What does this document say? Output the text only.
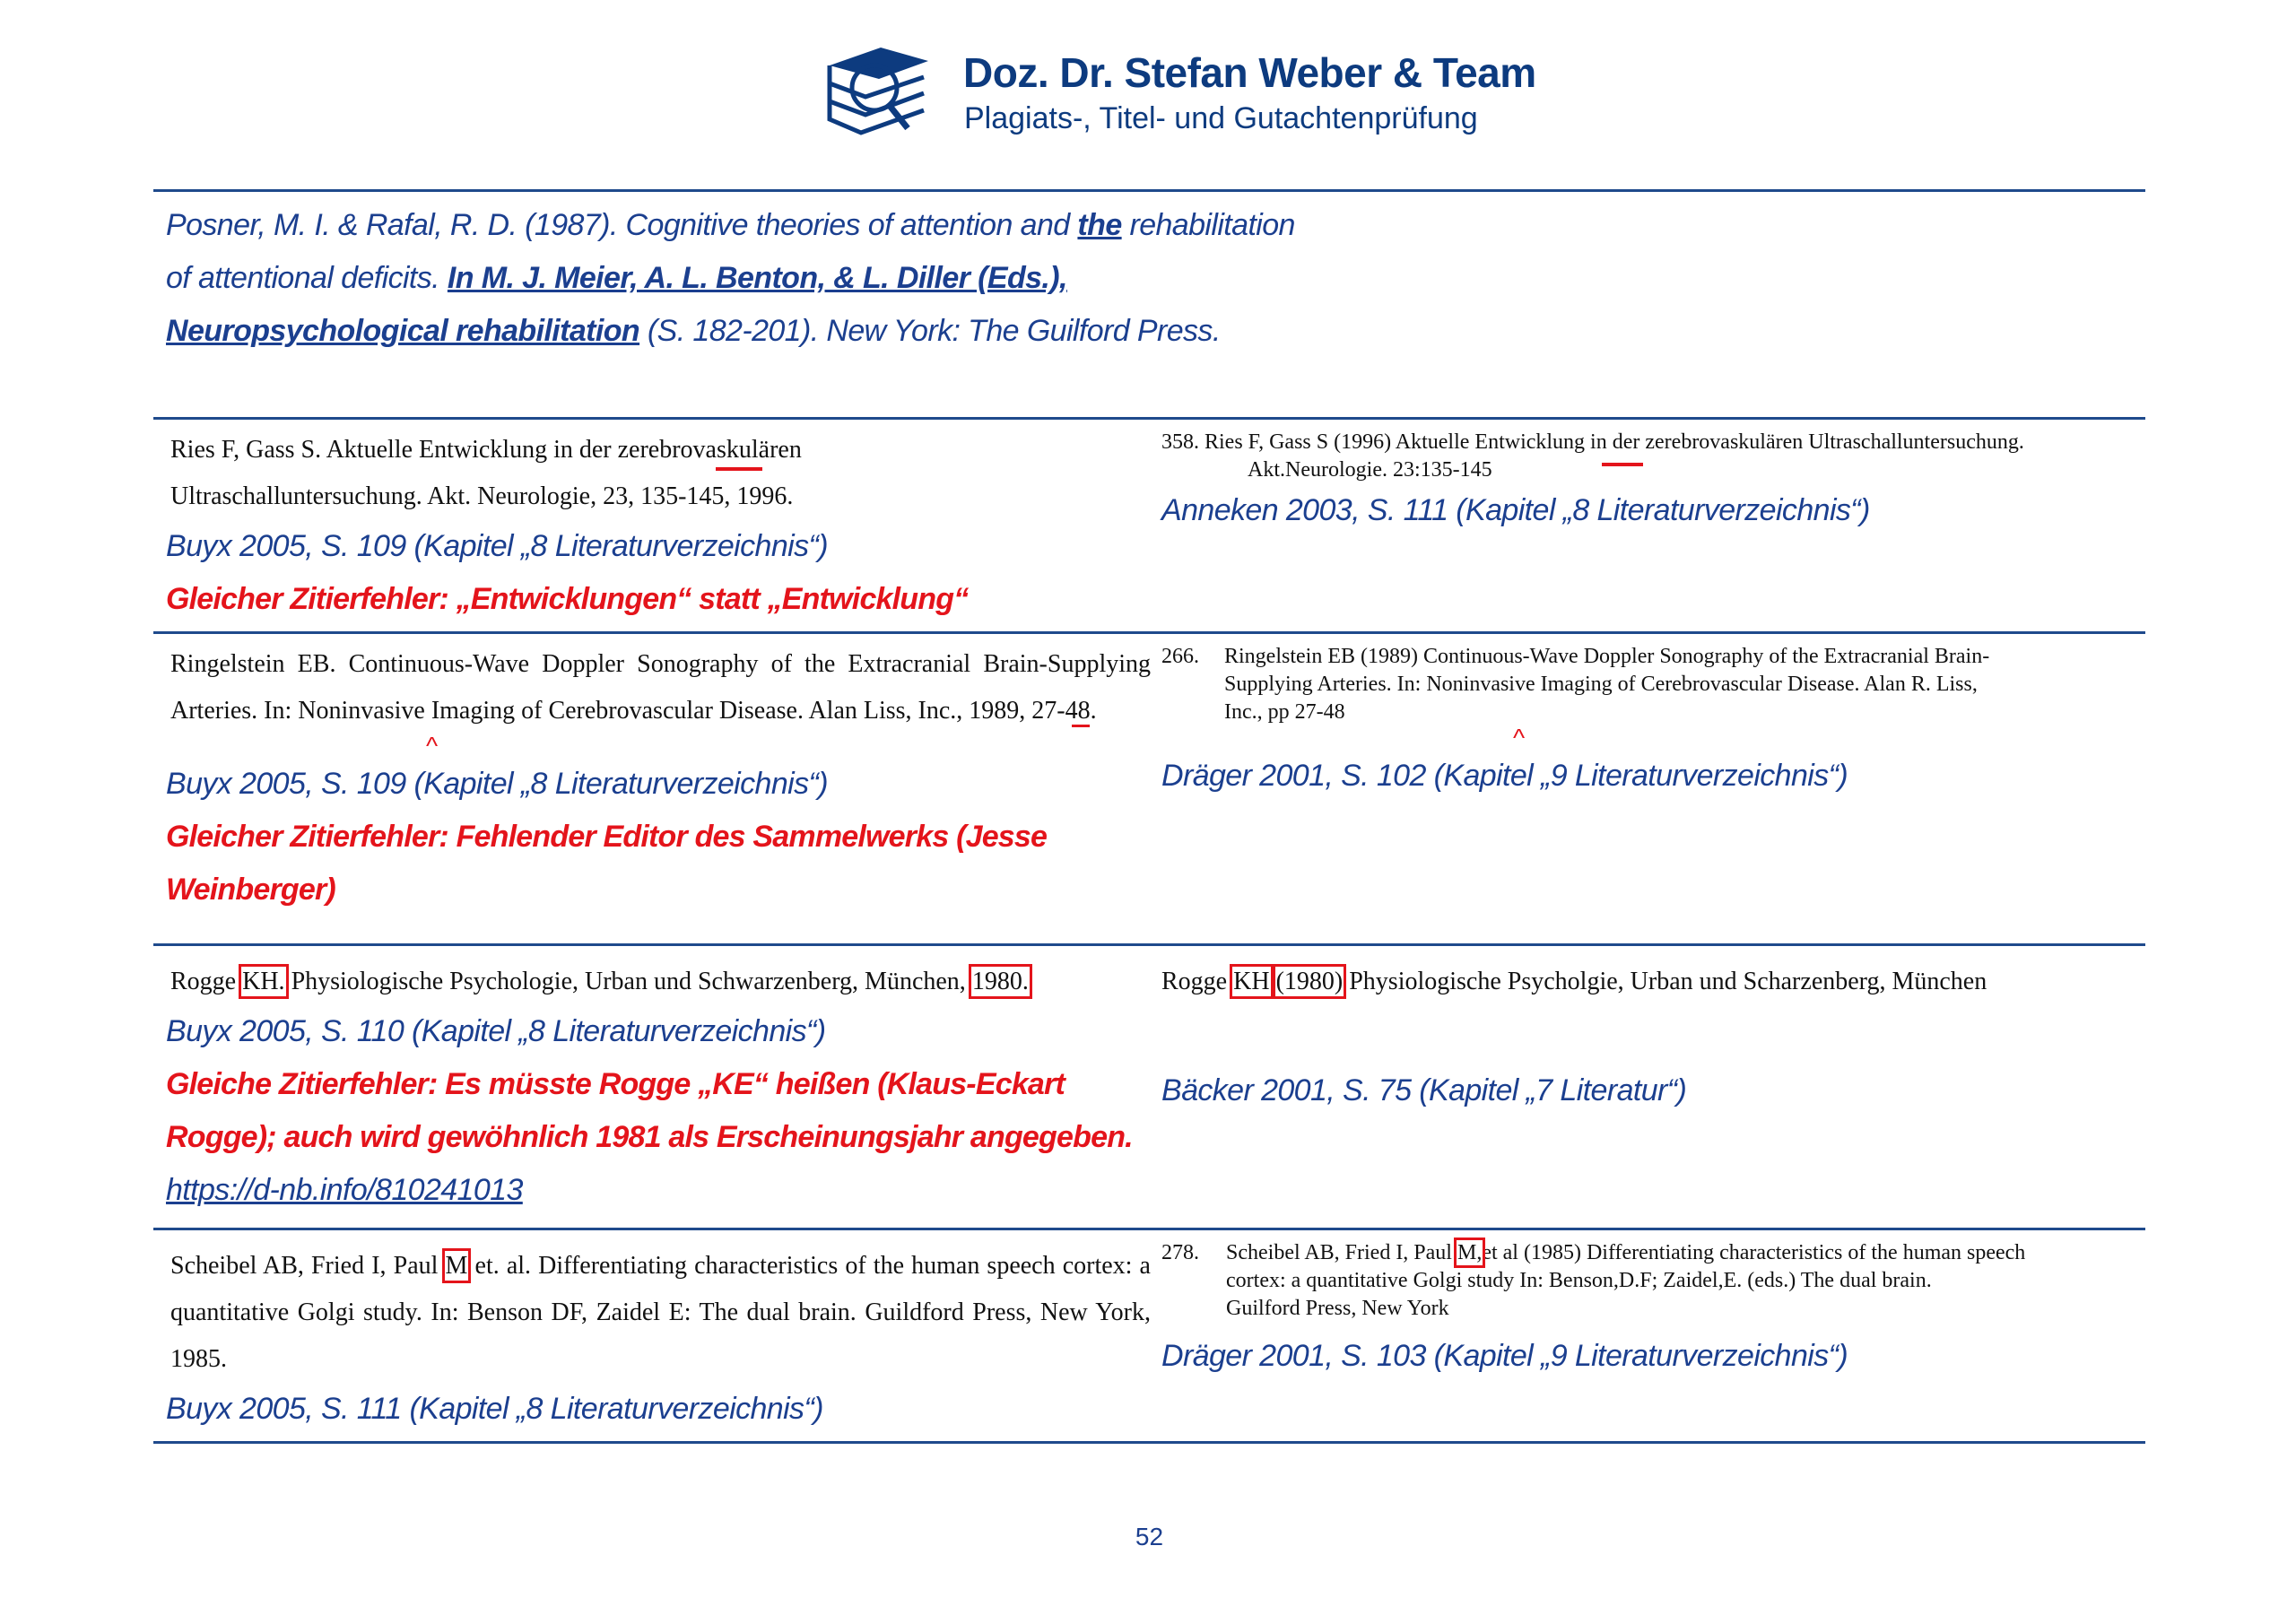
Doz. Dr. Stefan Weber & Team
Plagiats-, Titel- und Gutachtenprüfung
Posner, M. I. & Rafal, R. D. (1987). Cognitive theories of attention and the rehabilitation of attentional deficits. In M. J. Meier, A. L. Benton, & L. Diller (Eds.), Neuropsychological rehabilitation (S. 182-201). New York: The Guilford Press.
Ries F, Gass S. Aktuelle Entwicklung in der zerebrovaskulären
Ultraschalluntersuchung. Akt. Neurologie, 23, 135-145, 1996.
Buyx 2005, S. 109 (Kapitel „8 Literaturverzeichnis“)
Gleicher Zitierfehler: „Entwicklungen“ statt „Entwicklung“
358. Ries F, Gass S (1996) Aktuelle Entwicklung in der zerebrovaskulären Ultraschalluntersuchung.
Akt.Neurologie. 23:135-145
Anneken 2003, S. 111 (Kapitel „8 Literaturverzeichnis“)
Ringelstein EB. Continuous-Wave Doppler Sonography of the Extracranial Brain-Supplying Arteries. In: Noninvasive Imaging of Cerebrovascular Disease. Alan Liss, Inc., 1989, 27-48.
^
Buyx 2005, S. 109 (Kapitel „8 Literaturverzeichnis“)
Gleicher Zitierfehler: Fehlender Editor des Sammelwerks (Jesse Weinberger)
266. Ringelstein EB (1989) Continuous-Wave Doppler Sonography of the Extracranial Brain-
Supplying Arteries. In: Noninvasive Imaging of Cerebrovascular Disease. Alan R. Liss,
Inc., pp 27-48
^
Dräger 2001, S. 102 (Kapitel „9 Literaturverzeichnis“)
Rogge KH. Physiologische Psychologie, Urban und Schwarzenberg, München, 1980.
Buyx 2005, S. 110 (Kapitel „8 Literaturverzeichnis“)
Gleiche Zitierfehler: Es müsste Rogge „KE“ heißen (Klaus-Eckart Rogge); auch wird gewöhnlich 1981 als Erscheinungsjahr angegeben.
https://d-nb.info/810241013
Rogge KH (1980) Physiologische Psycholgie, Urban und Scharzenberg, München
Bäcker 2001, S. 75 (Kapitel „7 Literatur“)
Scheibel AB, Fried I, Paul M et. al. Differentiating characteristics of the human speech cortex: a quantitative Golgi study. In: Benson DF, Zaidel E: The dual brain. Guildford Press, New York, 1985.
Buyx 2005, S. 111 (Kapitel „8 Literaturverzeichnis“)
278. Scheibel AB, Fried I, Paul M,et al (1985) Differentiating characteristics of the human speech
cortex: a quantitative Golgi study In: Benson,D.F; Zaidel,E. (eds.) The dual brain.
Guilford Press, New York
Dräger 2001, S. 103 (Kapitel „9 Literaturverzeichnis“)
52
